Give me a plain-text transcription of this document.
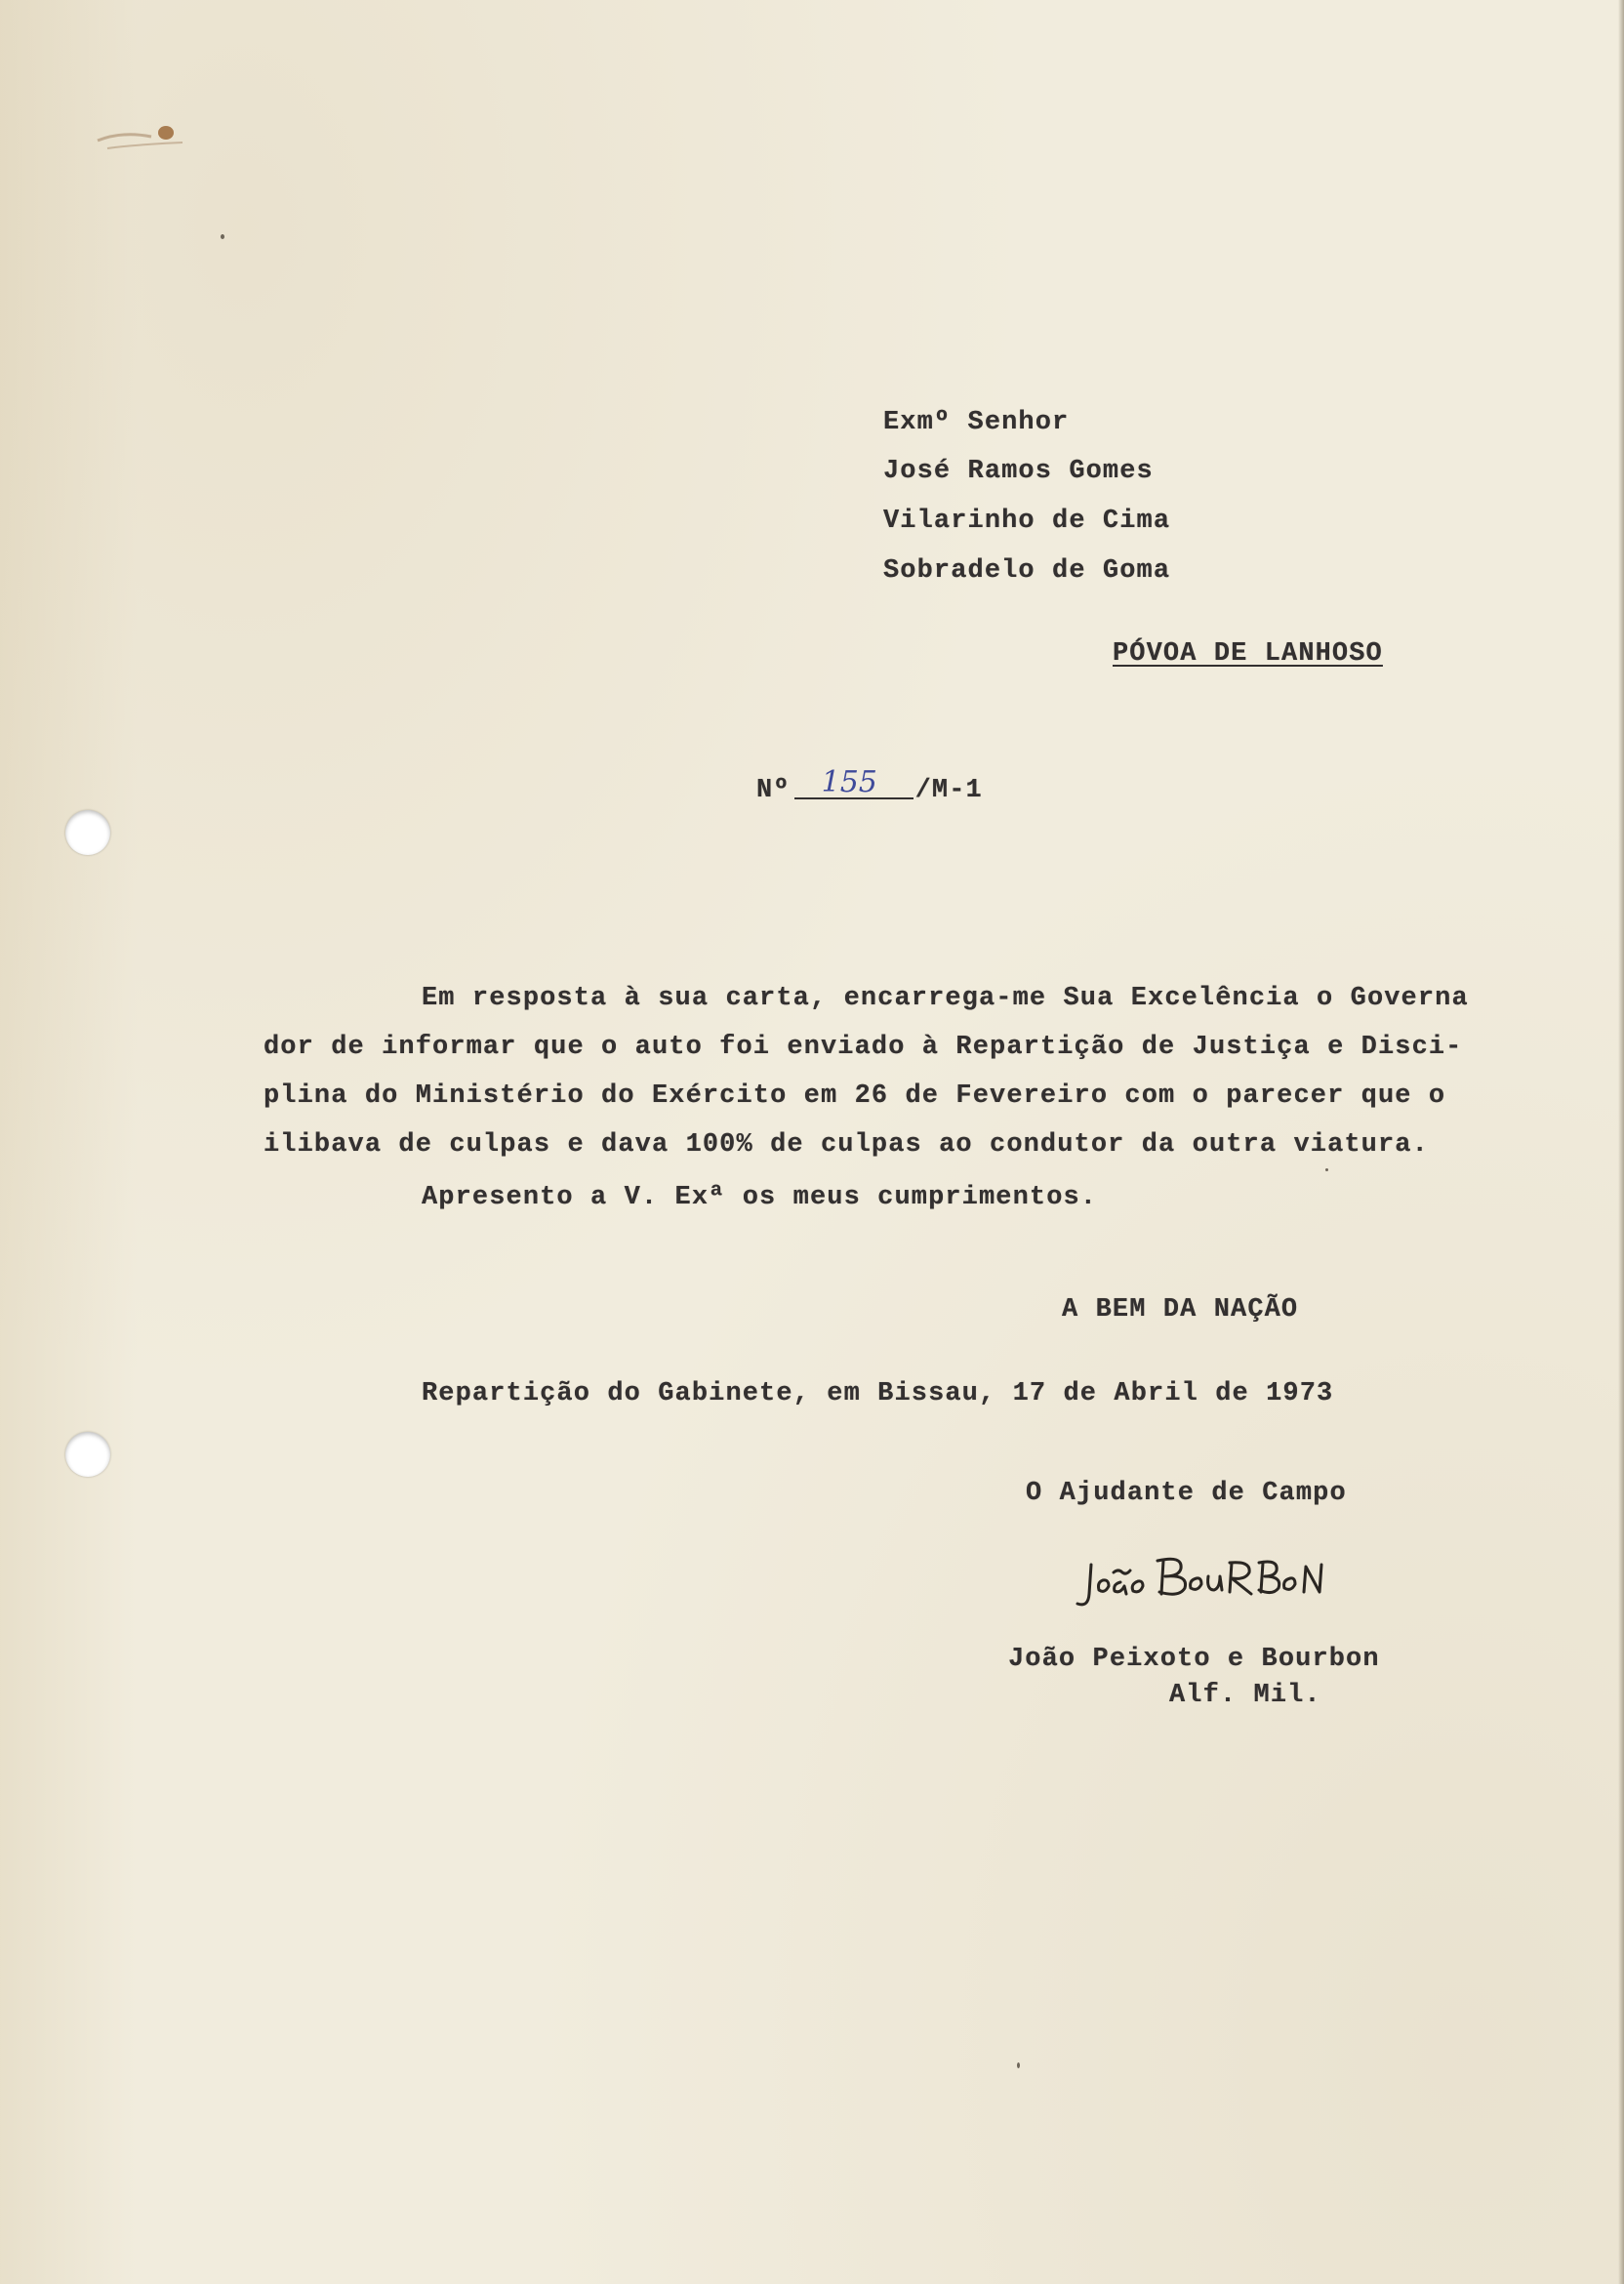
Exmº Senhor
José Ramos Gomes
Vilarinho de Cima
Sobradelo de Goma
PÓVOA DE LANHOSO
Nº 155 /M-1
Em resposta à sua carta, encarrega-me Sua Excelência o Governa
dor de informar que o auto foi enviado à Repartição de Justiça e Disci-
plina do Ministério do Exército em 26 de Fevereiro com o parecer que o
ilibava de culpas e dava 100% de culpas ao condutor da outra viatura.
Apresento a V. Exª os meus cumprimentos.
A BEM DA NAÇÃO
Repartição do Gabinete, em Bissau, 17 de Abril de 1973
O Ajudante de Campo
João Peixoto e Bourbon
Alf. Mil.
